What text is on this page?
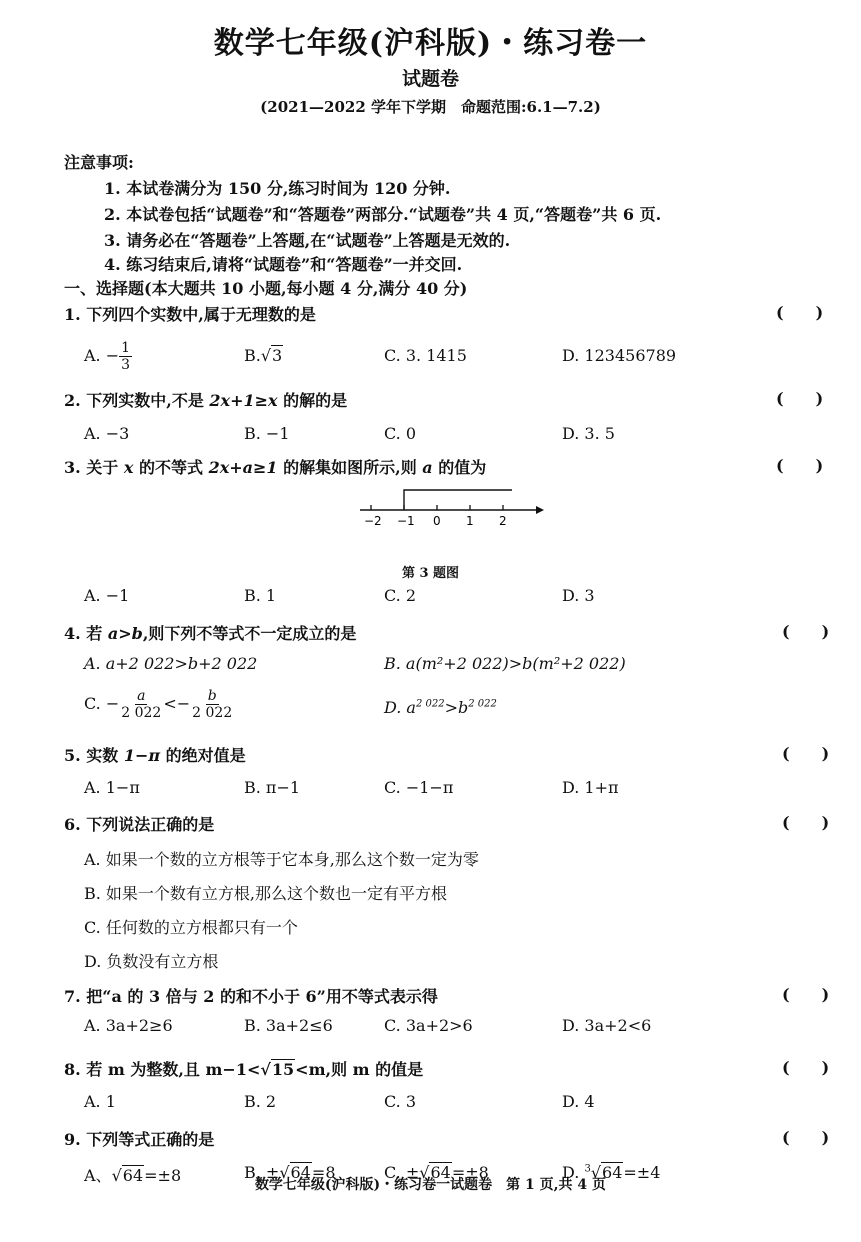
数学七年级(沪科版)・练习卷一
试题卷
(2021—2022 学年下学期　命题范围:6.1—7.2)
注意事项:
1. 本试卷满分为 150 分,练习时间为 120 分钟.
2. 本试卷包括“试题卷”和“答题卷”两部分.“试题卷”共 4 页,“答题卷”共 6 页.
3. 请务必在“答题卷”上答题,在“试题卷”上答题是无效的.
4. 练习结束后,请将“试题卷”和“答题卷”一并交回.
一、选择题(本大题共 10 小题,每小题 4 分,满分 40 分)
1. 下列四个实数中,属于无理数的是	(　　)
A. − $\frac{1}{3}$	B.√3	C. 3. 1415	D. 123456789
2. 下列实数中,不是 2x+1≥x 的解的是	(　　)
A. −3	B. −1	C. 0	D. 3. 5
3. 关于 x 的不等式 2x+a≥1 的解集如图所示,则 a 的值为	(　　)
−2 −1 0 1 2
第 3 题图
A. −1	B. 1	C. 2	D. 3
4. 若 a>b,则下列不等式不一定成立的是	(　　)
A. a+2 022>b+2 022	B. a(m²+2 022)>b(m²+2 022)
C. − $\frac{a}{2 022} <- \frac{b}{2 022}$	D. $a^{2 022}>b^{2 022}$
5. 实数 1−π 的绝对值是	(　　)
A. 1−π	B. π−1	C. −1−π	D. 1+π
6. 下列说法正确的是	(　　)
A. 如果一个数的立方根等于它本身,那么这个数一定为零
B. 如果一个数有立方根,那么这个数也一定有平方根
C. 任何数的立方根都只有一个
D. 负数没有立方根
7. 把“a 的 3 倍与 2 的和不小于 6”用不等式表示得	(　　)
A. 3a+2≥6	B. 3a+2≤6	C. 3a+2>6	D. 3a+2<6
8. 若 m 为整数,且 m−1<√15<m,则 m 的值是	(　　)
A. 1	B. 2	C. 3	D. 4
9. 下列等式正确的是	(　　)
A、√64=±8	B. ±√64=8	C. ±√64=±8	D. $^3$√64=±4
数学七年级(沪科版)・练习卷一试题卷　第 1 页,共 4 页
